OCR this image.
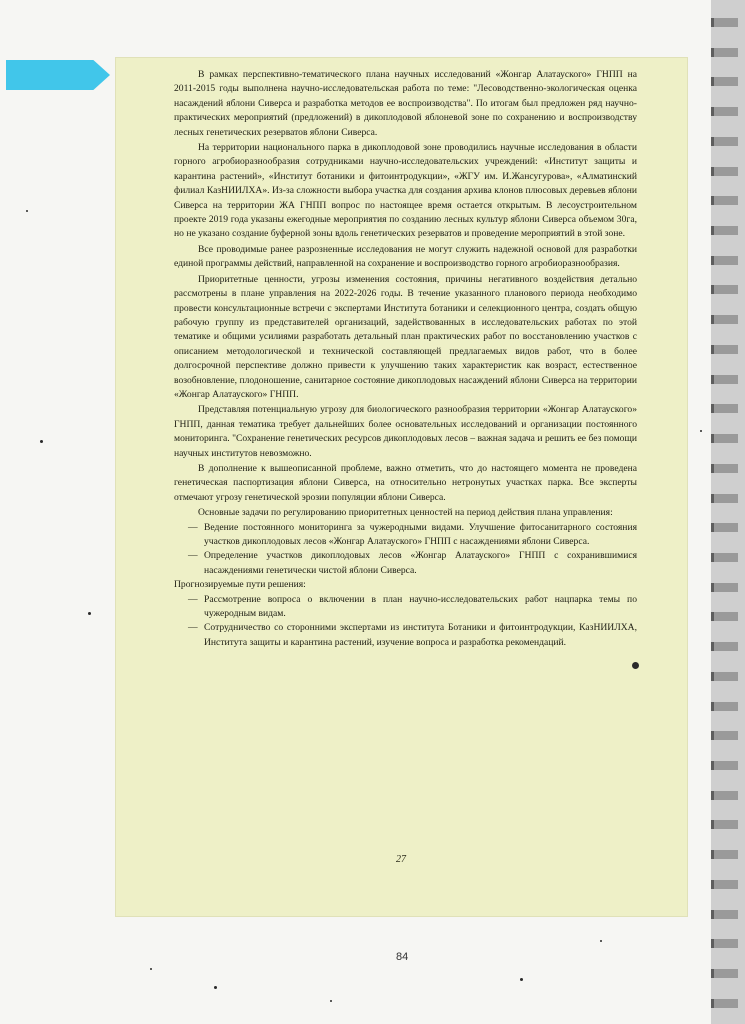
В рамках перспективно-тематического плана научных исследований «Жонгар Алатауского» ГНПП на 2011-2015 годы выполнена научно-исследовательская работа по теме: "Лесоводственно-экологическая оценка насаждений яблони Сиверса и разработка методов ее воспроизводства". По итогам был предложен ряд научно-практических мероприятий (предложений) в дикоплодовой яблоневой зоне по сохранению и воспроизводству лесных генетических резерватов яблони Сиверса.

На территории национального парка в дикоплодовой зоне проводились научные исследования в области горного агробиоразнообразия сотрудниками научно-исследовательских учреждений: «Институт защиты и карантина растений», «Институт ботаники и фитоинтродукции», «ЖГУ им. И.Жансугурова», «Алматинский филиал КазНИИЛХА». Из-за сложности выбора участка для создания архива клонов плюсовых деревьев яблони Сиверса на территории ЖА ГНПП вопрос по настоящее время остается открытым. В лесоустроительном проекте 2019 года указаны ежегодные мероприятия по созданию лесных культур яблони Сиверса объемом 30га, но не указано создание буферной зоны вдоль генетических резерватов и проведение мероприятий в этой зоне.

Все проводимые ранее разрозненные исследования не могут служить надежной основой для разработки единой программы действий, направленной на сохранение и воспроизводство горного агробиоразнообразия.

Приоритетные ценности, угрозы изменения состояния, причины негативного воздействия детально рассмотрены в плане управления на 2022-2026 годы. В течение указанного планового периода необходимо провести консультационные встречи с экспертами Института ботаники и селекционного центра, создать общую рабочую группу из представителей организаций, задействованных в исследовательских работах по этой тематике и общими усилиями разработать детальный план практических работ по восстановлению участков с описанием методологической и технической составляющей предлагаемых видов работ, что в более долгосрочной перспективе должно привести к улучшению таких характеристик как возраст, естественное возобновление, плодоношение, санитарное состояние дикоплодовых насаждений яблони Сиверса на территории «Жонгар Алатауского» ГНПП.

Представляя потенциальную угрозу для биологического разнообразия территории «Жонгар Алатауского» ГНПП, данная тематика требует дальнейших более основательных исследований и организации постоянного мониторинга. "Сохранение генетических ресурсов дикоплодовых лесов – важная задача и решить ее без помощи научных институтов невозможно.

В дополнение к вышеописанной проблеме, важно отметить, что до настоящего момента не проведена генетическая паспортизация яблони Сиверса, на относительно нетронутых участках парка. Все эксперты отмечают угрозу генетической эрозии популяции яблони Сиверса.

Основные задачи по регулированию приоритетных ценностей на период действия плана управления:

— Ведение постоянного мониторинга за чужеродными видами. Улучшение фитосанитарного состояния участков дикоплодовых лесов «Жонгар Алатауского» ГНПП с насаждениями яблони Сиверса.

— Определение участков дикоплодовых лесов «Жонгар Алатауского» ГНПП с сохранившимися насаждениями генетически чистой яблони Сиверса.

Прогнозируемые пути решения:

— Рассмотрение вопроса о включении в план научно-исследовательских работ нацпарка темы по чужеродным видам.

— Сотрудничество со сторонними экспертами из института Ботаники и фитоинтродукции, КазНИИЛХА, Института защиты и карантина растений, изучение вопроса и разработка рекомендаций.

27
84
